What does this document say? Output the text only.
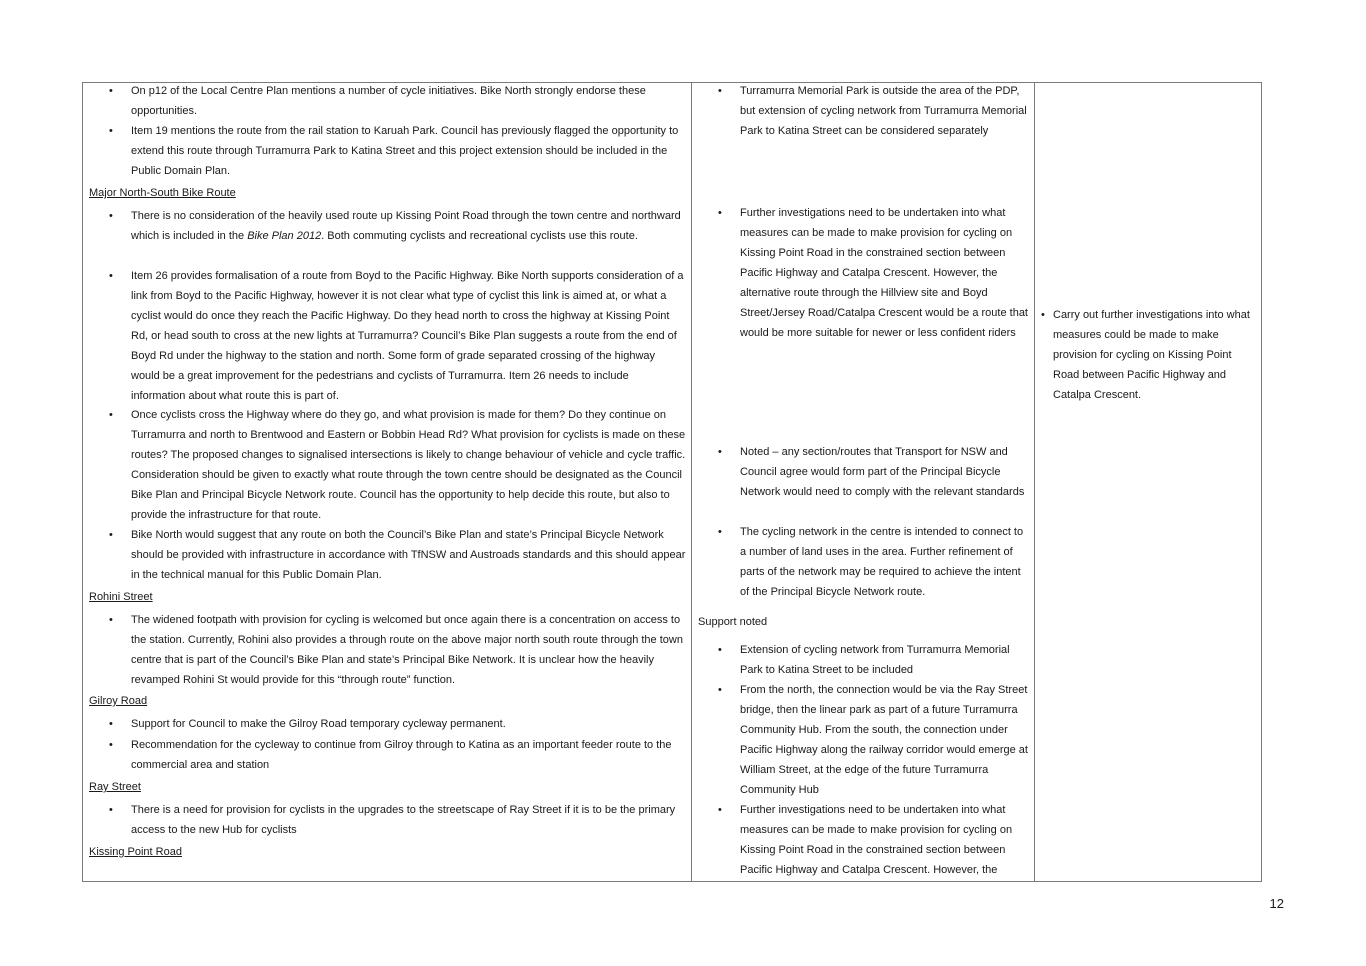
• On p12 of the Local Centre Plan mentions a number of cycle initiatives. Bike North strongly endorse these opportunities.
• Item 19 mentions the route from the rail station to Karuah Park. Council has previously flagged the opportunity to extend this route through Turramurra Park to Katina Street and this project extension should be included in the Public Domain Plan.
Major North-South Bike Route
• There is no consideration of the heavily used route up Kissing Point Road through the town centre and northward which is included in the Bike Plan 2012. Both commuting cyclists and recreational cyclists use this route.
• Item 26 provides formalisation of a route from Boyd to the Pacific Highway. Bike North supports consideration of a link from Boyd to the Pacific Highway, however it is not clear what type of cyclist this link is aimed at, or what a cyclist would do once they reach the Pacific Highway. Do they head north to cross the highway at Kissing Point Rd, or head south to cross at the new lights at Turramurra? Council’s Bike Plan suggests a route from the end of Boyd Rd under the highway to the station and north. Some form of grade separated crossing of the highway would be a great improvement for the pedestrians and cyclists of Turramurra. Item 26 needs to include information about what route this is part of.
• Once cyclists cross the Highway where do they go, and what provision is made for them? Do they continue on Turramurra and north to Brentwood and Eastern or Bobbin Head Rd? What provision for cyclists is made on these routes? The proposed changes to signalised intersections is likely to change behaviour of vehicle and cycle traffic. Consideration should be given to exactly what route through the town centre should be designated as the Council Bike Plan and Principal Bicycle Network route. Council has the opportunity to help decide this route, but also to provide the infrastructure for that route.
• Bike North would suggest that any route on both the Council’s Bike Plan and state’s Principal Bicycle Network should be provided with infrastructure in accordance with TfNSW and Austroads standards and this should appear in the technical manual for this Public Domain Plan.
Rohini Street
• The widened footpath with provision for cycling is welcomed but once again there is a concentration on access to the station. Currently, Rohini also provides a through route on the above major north south route through the town centre that is part of the Council’s Bike Plan and state’s Principal Bike Network. It is unclear how the heavily revamped Rohini St would provide for this “through route” function.
Gilroy Road
• Support for Council to make the Gilroy Road temporary cycleway permanent.
• Recommendation for the cycleway to continue from Gilroy through to Katina as an important feeder route to the commercial area and station
Ray Street
• There is a need for provision for cyclists in the upgrades to the streetscape of Ray Street if it is to be the primary access to the new Hub for cyclists
Kissing Point Road
• Turramurra Memorial Park is outside the area of the PDP, but extension of cycling network from Turramurra Memorial Park to Katina Street can be considered separately
• Further investigations need to be undertaken into what measures can be made to make provision for cycling on Kissing Point Road in the constrained section between Pacific Highway and Catalpa Crescent. However, the alternative route through the Hillview site and Boyd Street/Jersey Road/Catalpa Crescent would be a route that would be more suitable for newer or less confident riders
• Noted – any section/routes that Transport for NSW and Council agree would form part of the Principal Bicycle Network would need to comply with the relevant standards
• The cycling network in the centre is intended to connect to a number of land uses in the area. Further refinement of parts of the network may be required to achieve the intent of the Principal Bicycle Network route.
Support noted
• Extension of cycling network from Turramurra Memorial Park to Katina Street to be included
• From the north, the connection would be via the Ray Street bridge, then the linear park as part of a future Turramurra Community Hub. From the south, the connection under Pacific Highway along the railway corridor would emerge at William Street, at the edge of the future Turramurra Community Hub
• Further investigations need to be undertaken into what measures can be made to make provision for cycling on Kissing Point Road in the constrained section between Pacific Highway and Catalpa Crescent. However, the
• Carry out further investigations into what measures could be made to make provision for cycling on Kissing Point Road between Pacific Highway and Catalpa Crescent.
12
